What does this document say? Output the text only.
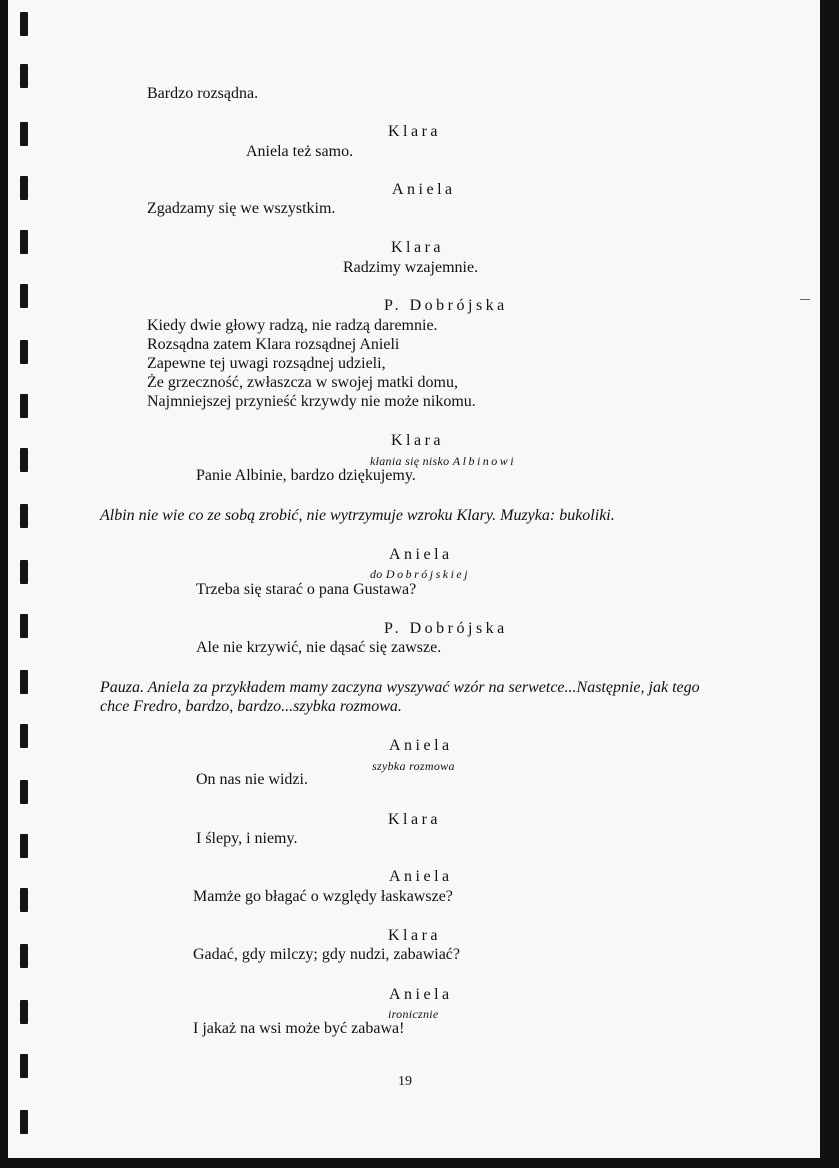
Bardzo rozsądna.
Klara
Aniela też samo.
Aniela
Zgadzamy się we wszystkim.
Klara
Radzimy wzajemnie.
P. Dobrójska
Kiedy dwie głowy radzą, nie radzą daremnie.
Rozsądna zatem Klara rozsądnej Anieli
Zapewne tej uwagi rozsądnej udzieli,
Że grzeczność, zwłaszcza w swojej matki domu,
Najmniejszej przynieść krzywdy nie może nikomu.
Klara
kłania się nisko Albinowi
Panie Albinie, bardzo dziękujemy.
Albin nie wie co ze sobą zrobić, nie wytrzymuje wzroku Klary. Muzyka: bukoliki.
Aniela
do Dobrójskiej
Trzeba się starać o pana Gustawa?
P. Dobrójska
Ale nie krzywić, nie dąsać się zawsze.
Pauza. Aniela za przykładem mamy zaczyna wyszywać wzór na serwetce...Następnie, jak tego
chce Fredro, bardzo, bardzo...szybka rozmowa.
Aniela
szybka rozmowa
On nas nie widzi.
Klara
I ślepy, i niemy.
Aniela
Mamże go błagać o względy łaskawsze?
Klara
Gadać, gdy milczy; gdy nudzi, zabawiać?
Aniela
ironicznie
I jakaż na wsi może być zabawa!
19
